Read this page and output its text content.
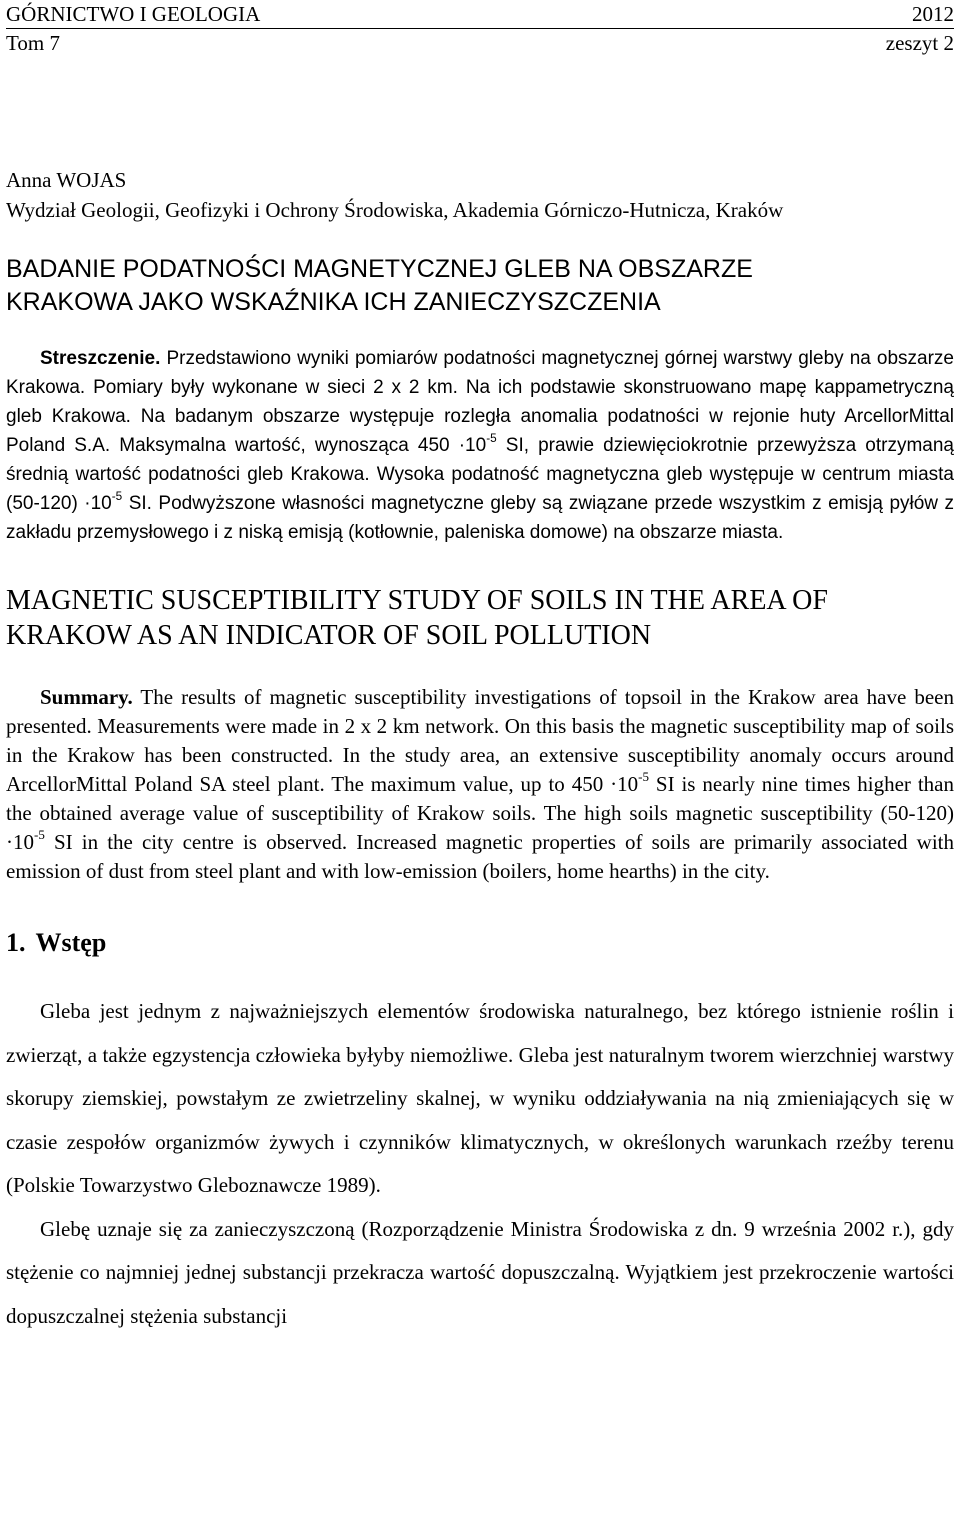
GÓRNICTWO I GEOLOGIA	2012
Tom 7	zeszyt 2
Anna WOJAS
Wydział Geologii, Geofizyki i Ochrony Środowiska, Akademia Górniczo-Hutnicza, Kraków
BADANIE PODATNOŚCI MAGNETYCZNEJ GLEB NA OBSZARZE
KRAKOWA JAKO WSKAŹNIKA ICH ZANIECZYSZCZENIA
Streszczenie. Przedstawiono wyniki pomiarów podatności magnetycznej górnej warstwy gleby na obszarze Krakowa. Pomiary były wykonane w sieci 2 x 2 km. Na ich podstawie skonstruowano mapę kappametryczną gleb Krakowa. Na badanym obszarze występuje rozległa anomalia podatności w rejonie huty ArcellorMittal Poland S.A. Maksymalna wartość, wynosząca $450 \cdot 10^{-5}$ SI, prawie dziewięciokrotnie przewyższa otrzymaną średnią wartość podatności gleb Krakowa. Wysoka podatność magnetyczna gleb występuje w centrum miasta $(50-120) \cdot 10^{-5}$ SI. Podwyższone własności magnetyczne gleby są związane przede wszystkim z emisją pyłów z zakładu przemysłowego i z niską emisją (kotłownie, paleniska domowe) na obszarze miasta.
MAGNETIC SUSCEPTIBILITY STUDY OF SOILS IN THE AREA OF
KRAKOW AS AN INDICATOR OF SOIL POLLUTION
Summary. The results of magnetic susceptibility investigations of topsoil in the Krakow area have been presented. Measurements were made in 2 x 2 km network. On this basis the magnetic susceptibility map of soils in the Krakow has been constructed. In the study area, an extensive susceptibility anomaly occurs around ArcellorMittal Poland SA steel plant. The maximum value, up to $450 \cdot 10^{-5}$ SI is nearly nine times higher than the obtained average value of susceptibility of Krakow soils. The high soils magnetic susceptibility $(50-120) \cdot 10^{-5}$ SI in the city centre is observed. Increased magnetic properties of soils are primarily associated with emission of dust from steel plant and with low-emission (boilers, home hearths) in the city.
1. Wstęp

Gleba jest jednym z najważniejszych elementów środowiska naturalnego, bez którego istnienie roślin i zwierząt, a także egzystencja człowieka byłyby niemożliwe. Gleba jest naturalnym tworem wierzchniej warstwy skorupy ziemskiej, powstałym ze zwietrzeliny skalnej, w wyniku oddziaływania na nią zmieniających się w czasie zespołów organizmów żywych i czynników klimatycznych, w określonych warunkach rzeźby terenu (Polskie Towarzystwo Gleboznawcze 1989).

Glebę uznaje się za zanieczyszczoną (Rozporządzenie Ministra Środowiska z dn. 9 września 2002 r.), gdy stężenie co najmniej jednej substancji przekracza wartość dopuszczalną. Wyjątkiem jest przekroczenie wartości dopuszczalnej stężenia substancji
